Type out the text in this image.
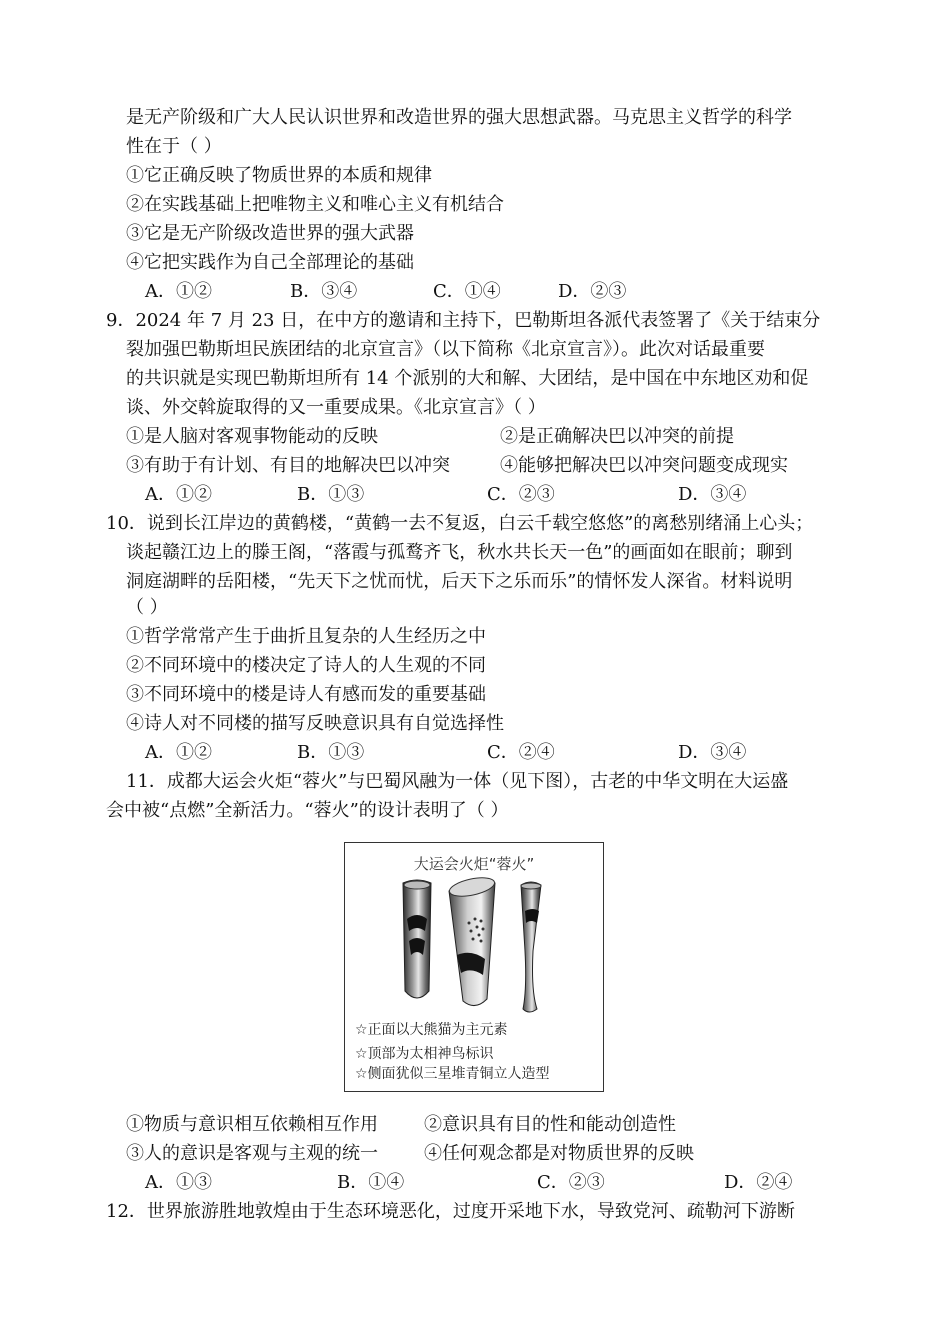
是无产阶级和广大人民认识世界和改造世界的强大思想武器。马克思主义哲学的科学
性在于（ ）
①它正确反映了物质世界的本质和规律
②在实践基础上把唯物主义和唯心主义有机结合
③它是无产阶级改造世界的强大武器
④它把实践作为自己全部理论的基础
A．①②	B．③④	C．①④	D．②③
9．2024 年 7 月 23 日，在中方的邀请和主持下，巴勒斯坦各派代表签署了《关于结束分
裂加强巴勒斯坦民族团结的北京宣言》（以下简称《北京宣言》）。此次对话最重要
的共识就是实现巴勒斯坦所有 14 个派别的大和解、大团结，是中国在中东地区劝和促
谈、外交斡旋取得的又一重要成果。《北京宣言》（ ）
①是人脑对客观事物能动的反映	②是正确解决巴以冲突的前提
③有助于有计划、有目的地解决巴以冲突	④能够把解决巴以冲突问题变成现实
A．①②	B．①③	C．②③	D．③④
10．说到长江岸边的黄鹤楼，“黄鹤一去不复返，白云千载空悠悠”的离愁别绪涌上心头；
谈起赣江边上的滕王阁，“落霞与孤鹜齐飞，秋水共长天一色”的画面如在眼前；聊到
洞庭湖畔的岳阳楼，“先天下之忧而忧，后天下之乐而乐”的情怀发人深省。材料说明
（ ）
①哲学常常产生于曲折且复杂的人生经历之中
②不同环境中的楼决定了诗人的人生观的不同
③不同环境中的楼是诗人有感而发的重要基础
④诗人对不同楼的描写反映意识具有自觉选择性
A．①②	B．①③	C．②④	D．③④
11．成都大运会火炬“蓉火”与巴蜀风融为一体（见下图），古老的中华文明在大运盛
会中被“点燃”全新活力。“蓉火”的设计表明了（ ）
大运会火炬“蓉火”
☆正面以大熊猫为主元素
☆顶部为太相神鸟标识
☆侧面犹似三星堆青铜立人造型
①物质与意识相互依赖相互作用	②意识具有目的性和能动创造性
③人的意识是客观与主观的统一	④任何观念都是对物质世界的反映
A．①③	B．①④	C．②③	D．②④
12．世界旅游胜地敦煌由于生态环境恶化，过度开采地下水，导致党河、疏勒河下游断
